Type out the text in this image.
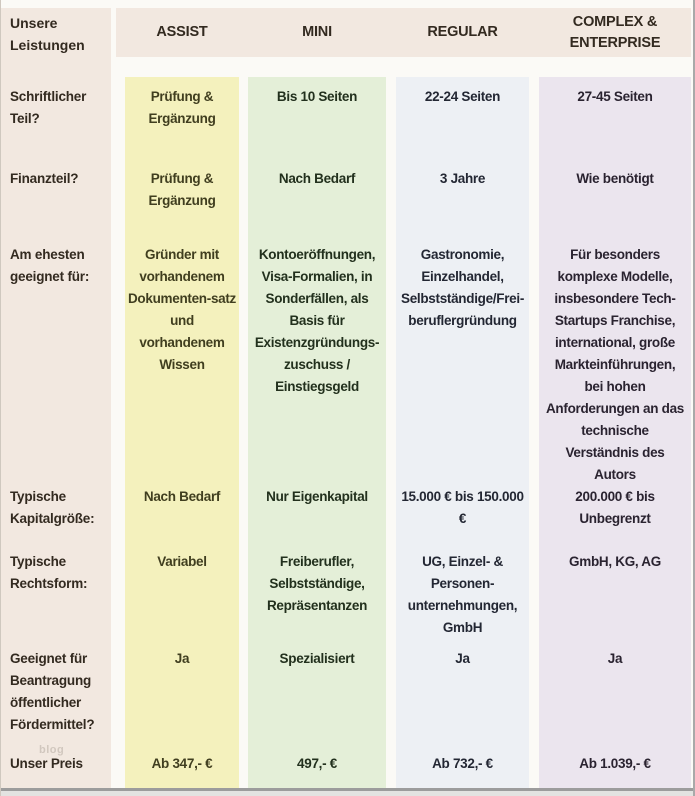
Unsere Leistungen
Schriftlicher Teil?
Finanzteil?
Am ehesten geeignet für:
Typische Kapitalgröße:
Typische Rechtsform:
Geeignet für Beantragung öffentlicher Fördermittel?
Unser Preis
blog
ASSIST	MINI	REGULAR
COMPLEX & ENTERPRISE
Prüfung & Ergänzung
Prüfung & Ergänzung
Gründer mit vorhandenem Dokumenten-satz und vorhandenem Wissen
Nach Bedarf
Variabel
Ja
Ab 347,- €
Bis 10 Seiten
Nach Bedarf
Kontoeröffnungen, Visa-Formalien, in Sonderfällen, als Basis für Existenzgründungs-zuschuss / Einstiegsgeld
Nur Eigenkapital
Freiberufler, Selbstständige, Repräsentanzen
Spezialisiert
497,- €
22-24 Seiten
3 Jahre
Gastronomie, Einzelhandel, Selbstständige/Frei-beruflergründung
15.000 € bis 150.000 €
UG, Einzel- & Personen-unternehmungen, GmbH
Ja
Ab 732,- €
27-45 Seiten
Wie benötigt
Für besonders komplexe Modelle, insbesondere Tech-Startups Franchise, international, große Markteinführungen, bei hohen Anforderungen an das technische Verständnis des Autors
200.000 € bis Unbegrenzt
GmbH, KG, AG
Ja
Ab 1.039,- €
